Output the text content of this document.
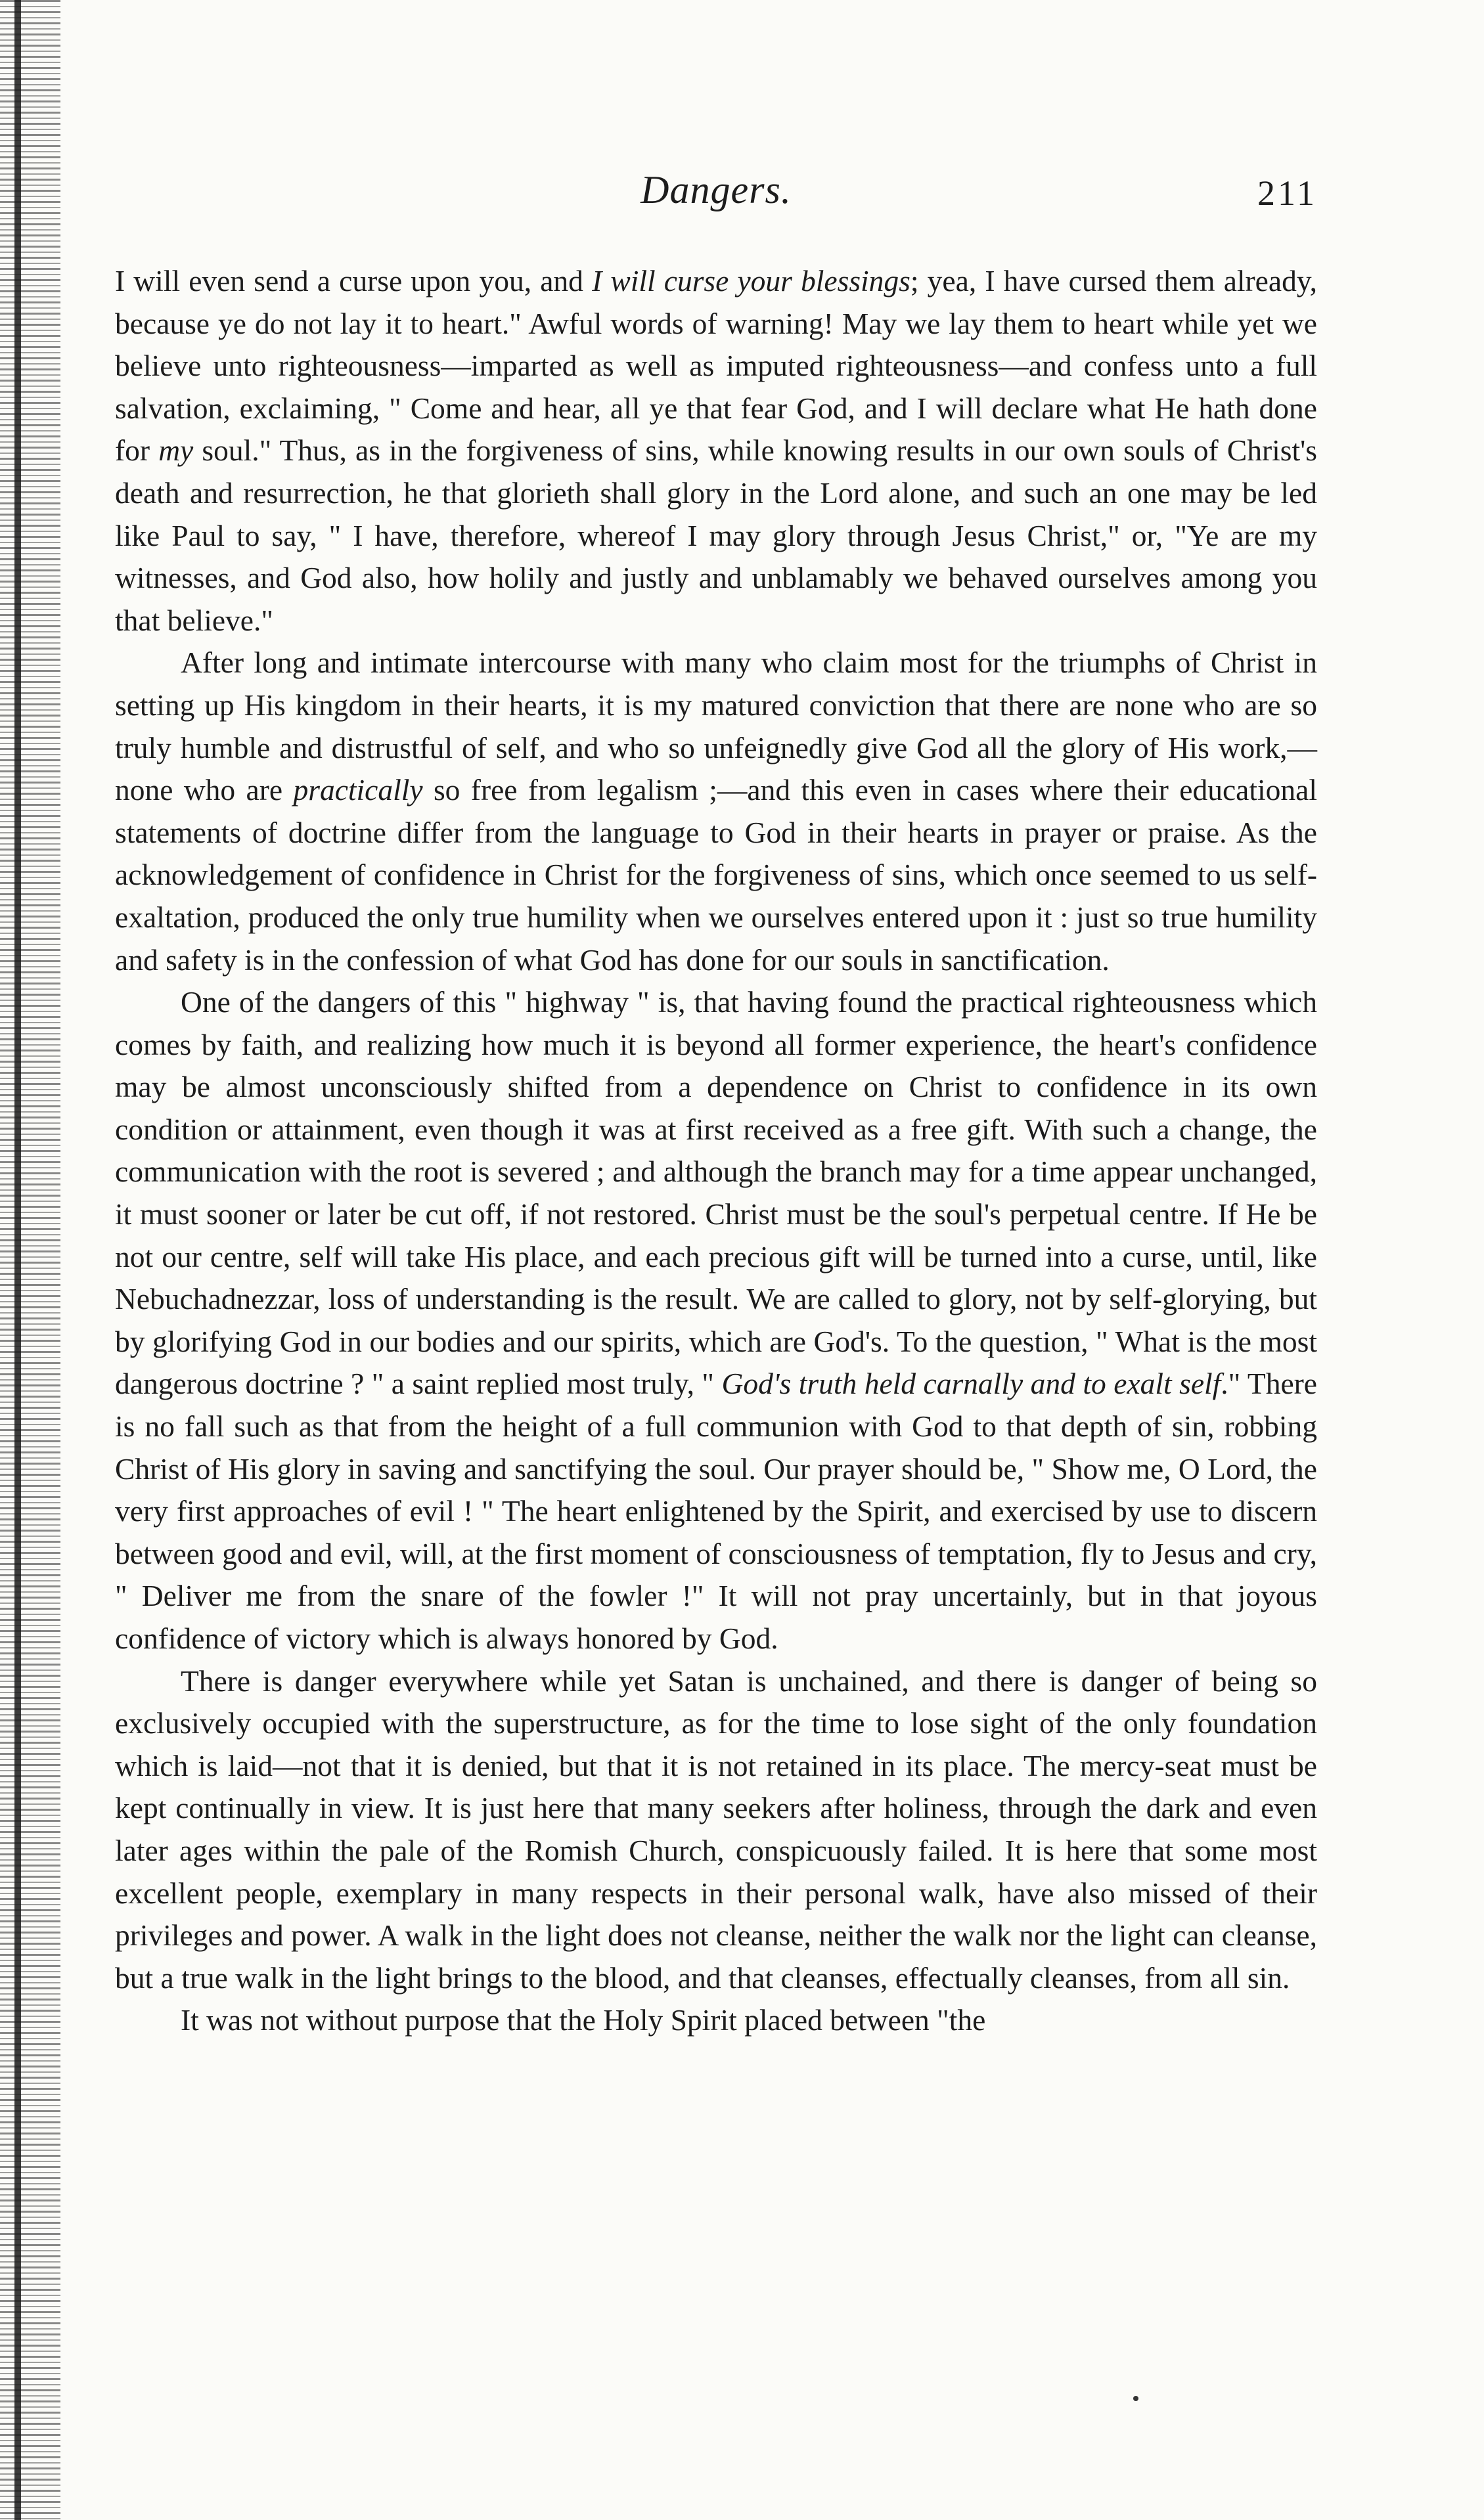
Dangers.	211

I will even send a curse upon you, and I will curse your blessings; yea, I have cursed them already, because ye do not lay it to heart." Awful words of warning! May we lay them to heart while yet we believe unto righteousness—imparted as well as imputed righteousness—and confess unto a full salvation, exclaiming, " Come and hear, all ye that fear God, and I will declare what He hath done for my soul." Thus, as in the forgiveness of sins, while knowing results in our own souls of Christ's death and resurrection, he that glorieth shall glory in the Lord alone, and such an one may be led like Paul to say, " I have, therefore, whereof I may glory through Jesus Christ," or, "Ye are my witnesses, and God also, how holily and justly and unblamably we behaved ourselves among you that believe."

After long and intimate intercourse with many who claim most for the triumphs of Christ in setting up His kingdom in their hearts, it is my matured conviction that there are none who are so truly humble and distrustful of self, and who so unfeignedly give God all the glory of His work,—none who are practically so free from legalism ;—and this even in cases where their educational statements of doctrine differ from the language to God in their hearts in prayer or praise. As the acknowledgement of confidence in Christ for the forgiveness of sins, which once seemed to us self-exaltation, produced the only true humility when we ourselves entered upon it : just so true humility and safety is in the confession of what God has done for our souls in sanctification.

One of the dangers of this " highway " is, that having found the practical righteousness which comes by faith, and realizing how much it is beyond all former experience, the heart's confidence may be almost unconsciously shifted from a dependence on Christ to confidence in its own condition or attainment, even though it was at first received as a free gift. With such a change, the communication with the root is severed ; and although the branch may for a time appear unchanged, it must sooner or later be cut off, if not restored. Christ must be the soul's perpetual centre. If He be not our centre, self will take His place, and each precious gift will be turned into a curse, until, like Nebuchadnezzar, loss of understanding is the result. We are called to glory, not by self-glorying, but by glorifying God in our bodies and our spirits, which are God's. To the question, " What is the most dangerous doctrine ? " a saint replied most truly, " God's truth held carnally and to exalt self." There is no fall such as that from the height of a full communion with God to that depth of sin, robbing Christ of His glory in saving and sanctifying the soul. Our prayer should be, " Show me, O Lord, the very first approaches of evil ! " The heart enlightened by the Spirit, and exercised by use to discern between good and evil, will, at the first moment of consciousness of temptation, fly to Jesus and cry, " Deliver me from the snare of the fowler !" It will not pray uncertainly, but in that joyous confidence of victory which is always honored by God.

There is danger everywhere while yet Satan is unchained, and there is danger of being so exclusively occupied with the superstructure, as for the time to lose sight of the only foundation which is laid—not that it is denied, but that it is not retained in its place. The mercy-seat must be kept continually in view. It is just here that many seekers after holiness, through the dark and even later ages within the pale of the Romish Church, conspicuously failed. It is here that some most excellent people, exemplary in many respects in their personal walk, have also missed of their privileges and power. A walk in the light does not cleanse, neither the walk nor the light can cleanse, but a true walk in the light brings to the blood, and that cleanses, effectually cleanses, from all sin.

It was not without purpose that the Holy Spirit placed between "the
